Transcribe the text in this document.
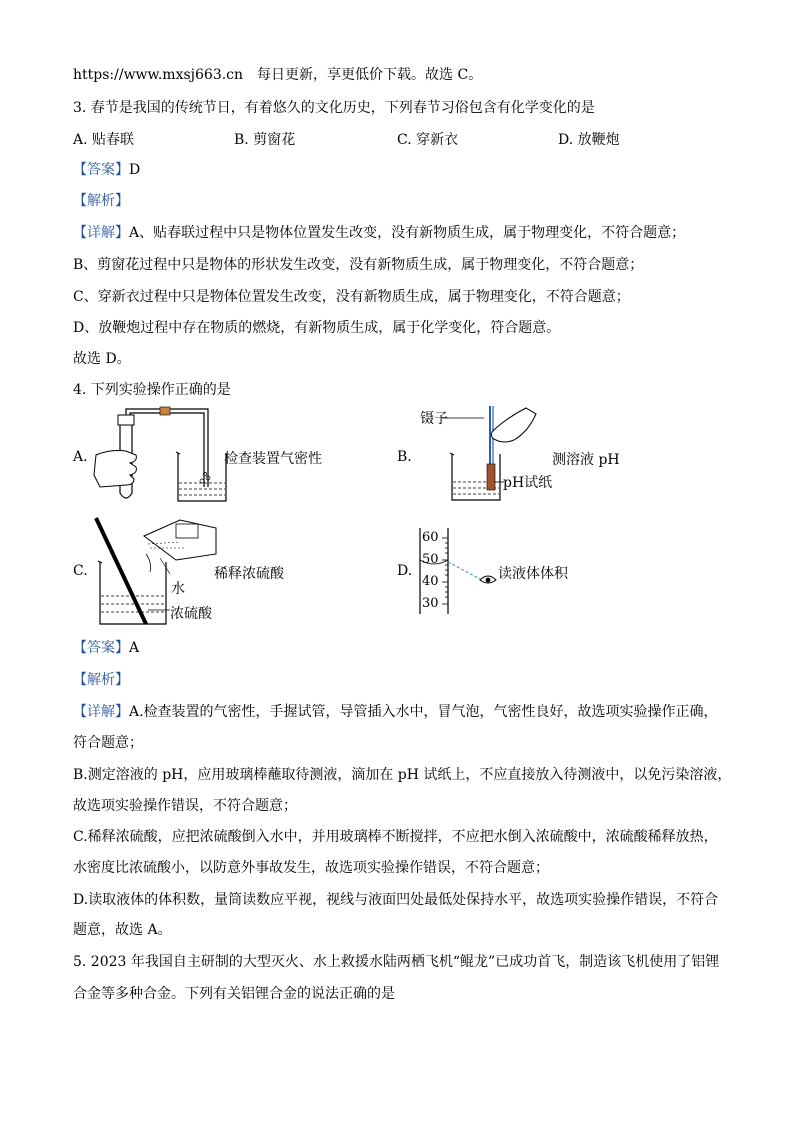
https://www.mxsj663.cn 每日更新，享更低价下载。故选 C。
3. 春节是我国的传统节日，有着悠久的文化历史，下列春节习俗包含有化学变化的是
A. 贴春联	B. 剪窗花	C. 穿新衣	D. 放鞭炮
【答案】D
【解析】
【详解】A、贴春联过程中只是物体位置发生改变，没有新物质生成，属于物理变化，不符合题意；
B、剪窗花过程中只是物体的形状发生改变，没有新物质生成，属于物理变化，不符合题意；
C、穿新衣过程中只是物体位置发生改变，没有新物质生成，属于物理变化，不符合题意；
D、放鞭炮过程中存在物质的燃烧，有新物质生成，属于化学变化，符合题意。
故选 D。
4. 下列实验操作正确的是
A.	检查装置气密性	B.
镊子
pH试纸
测溶液 pH
C.
水
浓硫酸
稀释浓硫酸	D.
60
50
40
30
读液体体积
【答案】A
【解析】
【详解】A.检查装置的气密性，手握试管，导管插入水中，冒气泡，气密性良好，故选项实验操作正确，
符合题意；
B.测定溶液的 pH，应用玻璃棒蘸取待测液，滴加在 pH 试纸上，不应直接放入待测液中，以免污染溶液，
故选项实验操作错误，不符合题意；
C.稀释浓硫酸，应把浓硫酸倒入水中，并用玻璃棒不断搅拌，不应把水倒入浓硫酸中，浓硫酸稀释放热，
水密度比浓硫酸小，以防意外事故发生，故选项实验操作错误，不符合题意；
D.读取液体的体积数，量筒读数应平视，视线与液面凹处最低处保持水平，故选项实验操作错误，不符合
题意，故选 A。
5. 2023 年我国自主研制的大型灭火、水上救援水陆两栖飞机“鲲龙”已成功首飞，制造该飞机使用了铝锂
合金等多种合金。下列有关铝锂合金的说法正确的是
